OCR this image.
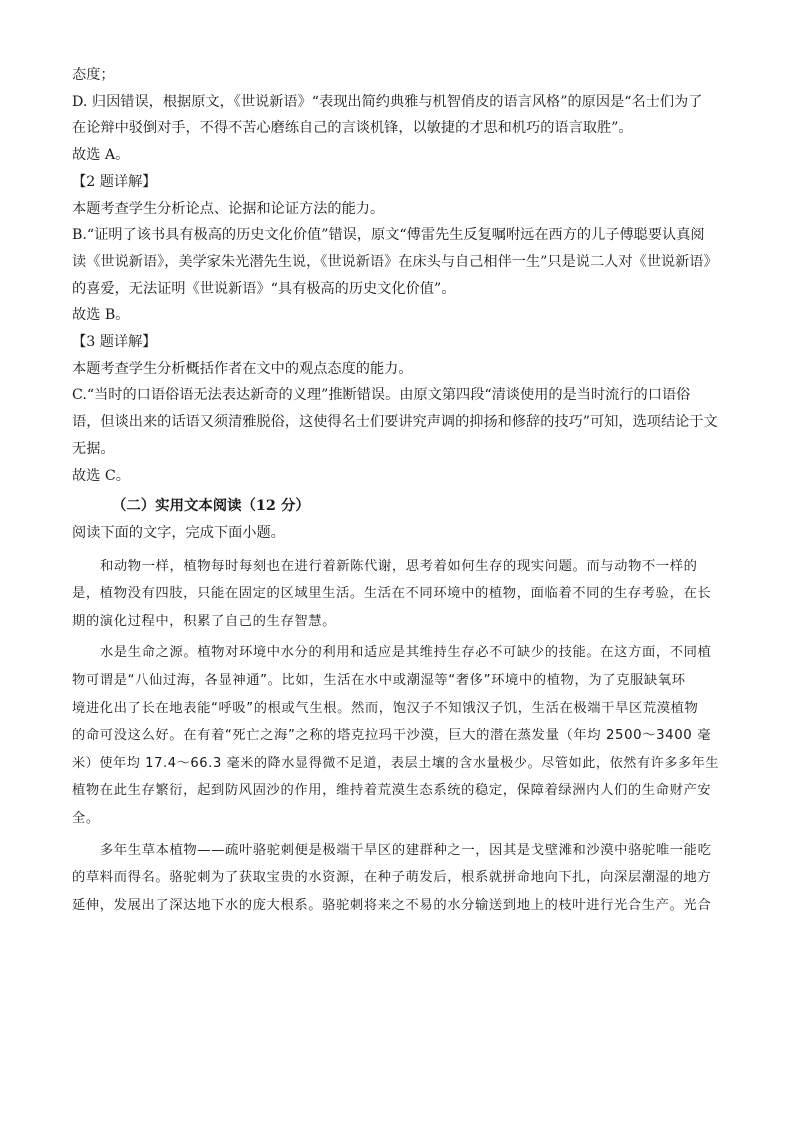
态度；

D. 归因错误，根据原文，《世说新语》“表现出简约典雅与机智俏皮的语言风格”的原因是“名士们为了

在论辩中驳倒对手，不得不苦心磨练自己的言谈机锋，以敏捷的才思和机巧的语言取胜”。

故选 A。

【2 题详解】

本题考查学生分析论点、论据和论证方法的能力。

B.“证明了该书具有极高的历史文化价值”错误，原文“傅雷先生反复嘱咐远在西方的儿子傅聪要认真阅

读《世说新语》，美学家朱光潜先生说，《世说新语》在床头与自己相伴一生”只是说二人对《世说新语》

的喜爱，无法证明《世说新语》“具有极高的历史文化价值”。

故选 B。

【3 题详解】

本题考查学生分析概括作者在文中的观点态度的能力。

C.“当时的口语俗语无法表达新奇的义理”推断错误。由原文第四段“清谈使用的是当时流行的口语俗

语，但谈出来的话语又须清雅脱俗，这使得名士们要讲究声调的抑扬和修辞的技巧”可知，选项结论于文

无据。

故选 C。

（二）实用文本阅读（12 分）

阅读下面的文字，完成下面小题。

和动物一样，植物每时每刻也在进行着新陈代谢，思考着如何生存的现实问题。而与动物不一样的

是，植物没有四肢，只能在固定的区域里生活。生活在不同环境中的植物，面临着不同的生存考验，在长

期的演化过程中，积累了自己的生存智慧。

水是生命之源。植物对环境中水分的利用和适应是其维持生存必不可缺少的技能。在这方面，不同植

物可谓是“八仙过海，各显神通”。比如，生活在水中或潮湿等“奢侈”环境中的植物，为了克服缺氧环

境进化出了长在地表能“呼吸”的根或气生根。然而，饱汉子不知饿汉子饥，生活在极端干旱区荒漠植物

的命可没这么好。在有着“死亡之海”之称的塔克拉玛干沙漠，巨大的潜在蒸发量（年均 2500～3400 毫

米）使年均 17.4～66.3 毫米的降水显得微不足道，表层土壤的含水量极少。尽管如此，依然有许多多年生

植物在此生存繁衍，起到防风固沙的作用，维持着荒漠生态系统的稳定，保障着绿洲内人们的生命财产安

全。

多年生草本植物——疏叶骆驼刺便是极端干旱区的建群种之一，因其是戈壁滩和沙漠中骆驼唯一能吃

的草料而得名。骆驼刺为了获取宝贵的水资源，在种子萌发后，根系就拼命地向下扎，向深层潮湿的地方

延伸，发展出了深达地下水的庞大根系。骆驼刺将来之不易的水分输送到地上的枝叶进行光合生产。光合
